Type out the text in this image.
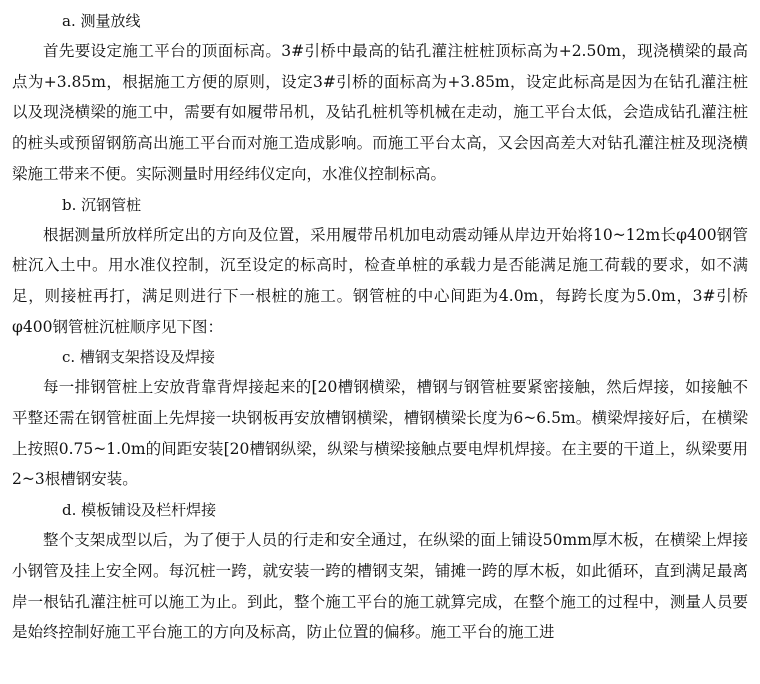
a. 测量放线

首先要设定施工平台的顶面标高。3#引桥中最高的钻孔灌注桩桩顶标高为+2.50m，现浇横梁的最高点为+3.85m，根据施工方便的原则，设定3#引桥的面标高为+3.85m，设定此标高是因为在钻孔灌注桩以及现浇横梁的施工中，需要有如履带吊机，及钻孔桩机等机械在走动，施工平台太低，会造成钻孔灌注桩的桩头或预留钢筋高出施工平台而对施工造成影响。而施工平台太高，又会因高差大对钻孔灌注桩及现浇横梁施工带来不便。实际测量时用经纬仪定向，水准仪控制标高。

b. 沉钢管桩

根据测量所放样所定出的方向及位置，采用履带吊机加电动震动锤从岸边开始将10~12m长φ400钢管桩沉入土中。用水准仪控制，沉至设定的标高时，检查单桩的承载力是否能满足施工荷载的要求，如不满足，则接桩再打，满足则进行下一根桩的施工。钢管桩的中心间距为4.0m，每跨长度为5.0m，3#引桥φ400钢管桩沉桩顺序见下图：

c. 槽钢支架搭设及焊接

每一排钢管桩上安放背靠背焊接起来的[20槽钢横梁，槽钢与钢管桩要紧密接触，然后焊接，如接触不平整还需在钢管桩面上先焊接一块钢板再安放槽钢横梁，槽钢横梁长度为6~6.5m。横梁焊接好后，在横梁上按照0.75~1.0m的间距安装[20槽钢纵梁，纵梁与横梁接触点要电焊机焊接。在主要的干道上，纵梁要用2~3根槽钢安装。

d. 模板铺设及栏杆焊接

整个支架成型以后，为了便于人员的行走和安全通过，在纵梁的面上铺设50mm厚木板，在横梁上焊接小钢管及挂上安全网。每沉桩一跨，就安装一跨的槽钢支架，铺摊一跨的厚木板，如此循环，直到满足最离岸一根钻孔灌注桩可以施工为止。到此，整个施工平台的施工就算完成，在整个施工的过程中，测量人员要是始终控制好施工平台施工的方向及标高，防止位置的偏移。施工平台的施工进
